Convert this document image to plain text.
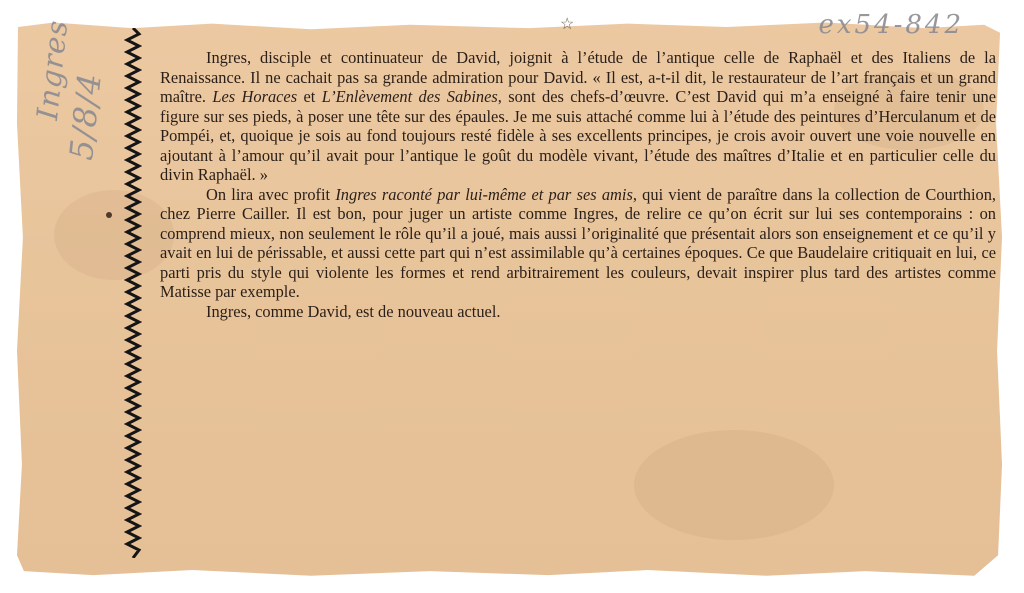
Ingres
5/8/4
ex54-842
☆

Ingres, disciple et continuateur de David, joignit à l’étude de l’antique celle de Raphaël et des Italiens de la Renaissance. Il ne cachait pas sa grande admiration pour David. « Il est, a-t-il dit, le restaurateur de l’art français et un grand maître. Les Horaces et L’Enlèvement des Sabines, sont des chefs-d’œuvre. C’est David qui m’a enseigné à faire tenir une figure sur ses pieds, à poser une tête sur des épaules. Je me suis attaché comme lui à l’étude des peintures d’Herculanum et de Pompéi, et, quoique je sois au fond toujours resté fidèle à ses excellents principes, je crois avoir ouvert une voie nouvelle en ajoutant à l’amour qu’il avait pour l’antique le goût du modèle vivant, l’étude des maîtres d’Italie et en particulier celle du divin Raphaël. »

On lira avec profit Ingres raconté par lui-même et par ses amis, qui vient de paraître dans la collection de Courthion, chez Pierre Cailler. Il est bon, pour juger un artiste comme Ingres, de relire ce qu’on écrit sur lui ses contemporains : on comprend mieux, non seulement le rôle qu’il a joué, mais aussi l’originalité que présentait alors son enseignement et ce qu’il y avait en lui de périssable, et aussi cette part qui n’est assimilable qu’à certaines époques. Ce que Baudelaire critiquait en lui, ce parti pris du style qui violente les formes et rend arbitrairement les couleurs, devait inspirer plus tard des artistes comme Matisse par exemple.

Ingres, comme David, est de nouveau actuel.
